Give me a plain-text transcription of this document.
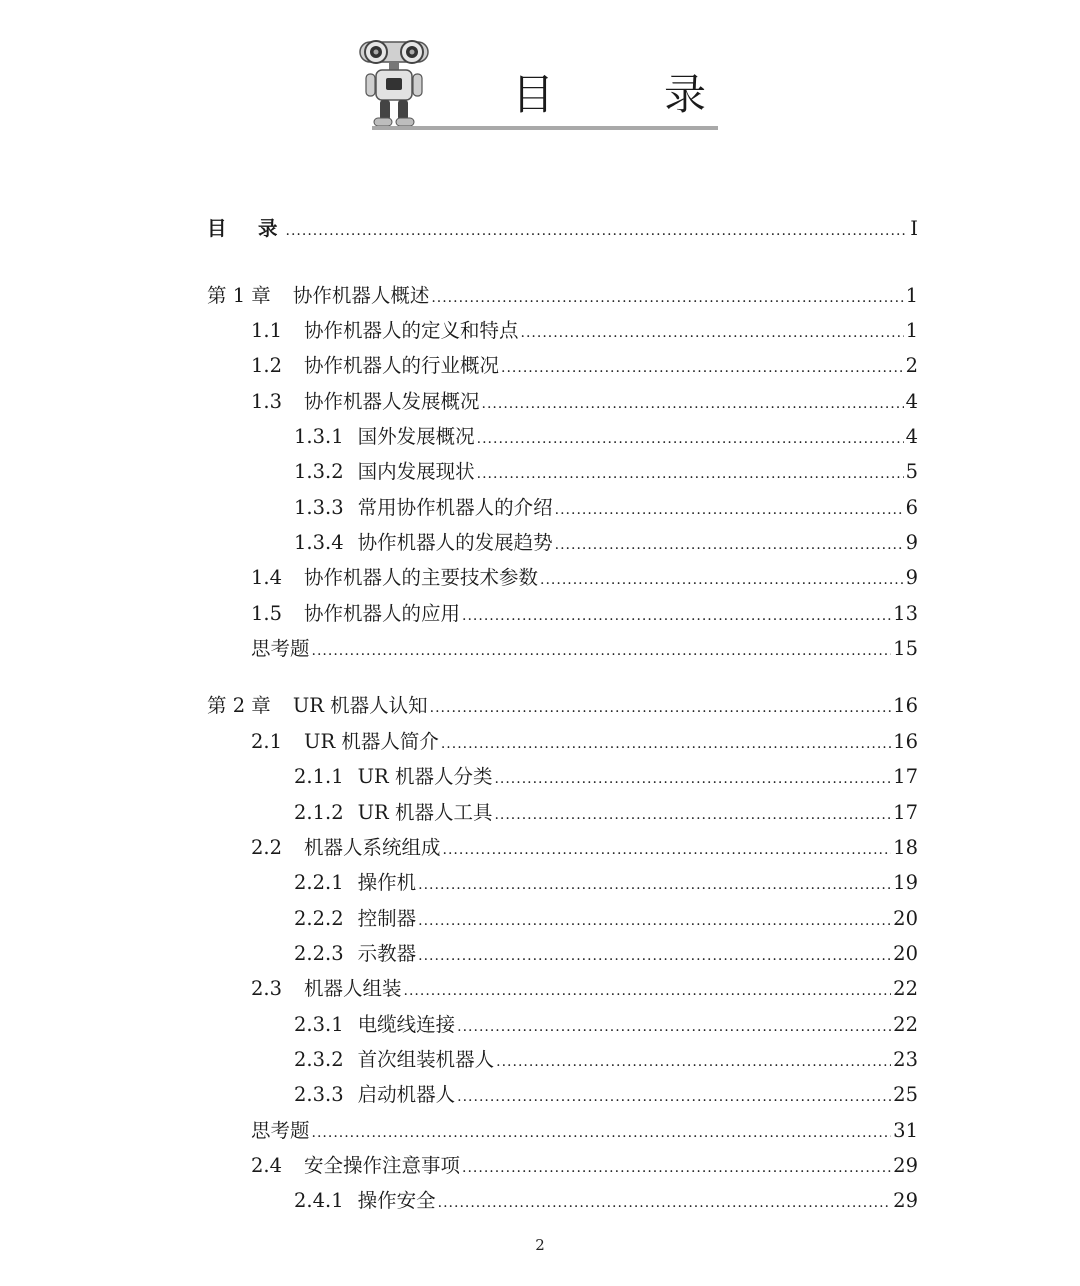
目　录
目　录 .....	I
第 1 章 协作机器人概述 .....	1
1.1 协作机器人的定义和特点 .....	1
1.2 协作机器人的行业概况 .....	2
1.3 协作机器人发展概况 .....	4
1.3.1 国外发展概况 .....	4
1.3.2 国内发展现状 .....	5
1.3.3 常用协作机器人的介绍 .....	6
1.3.4 协作机器人的发展趋势 .....	9
1.4 协作机器人的主要技术参数 .....	9
1.5 协作机器人的应用 .....	13
思考题 .....	15
第 2 章 UR 机器人认知 .....	16
2.1 UR 机器人简介 .....	16
2.1.1 UR 机器人分类 .....	17
2.1.2 UR 机器人工具 .....	17
2.2 机器人系统组成 .....	18
2.2.1 操作机 .....	19
2.2.2 控制器 .....	20
2.2.3 示教器 .....	20
2.3 机器人组装 .....	22
2.3.1 电缆线连接 .....	22
2.3.2 首次组装机器人 .....	23
2.3.3 启动机器人 .....	25
思考题 .....	31
2.4 安全操作注意事项 .....	29
2.4.1 操作安全 .....	29
2
